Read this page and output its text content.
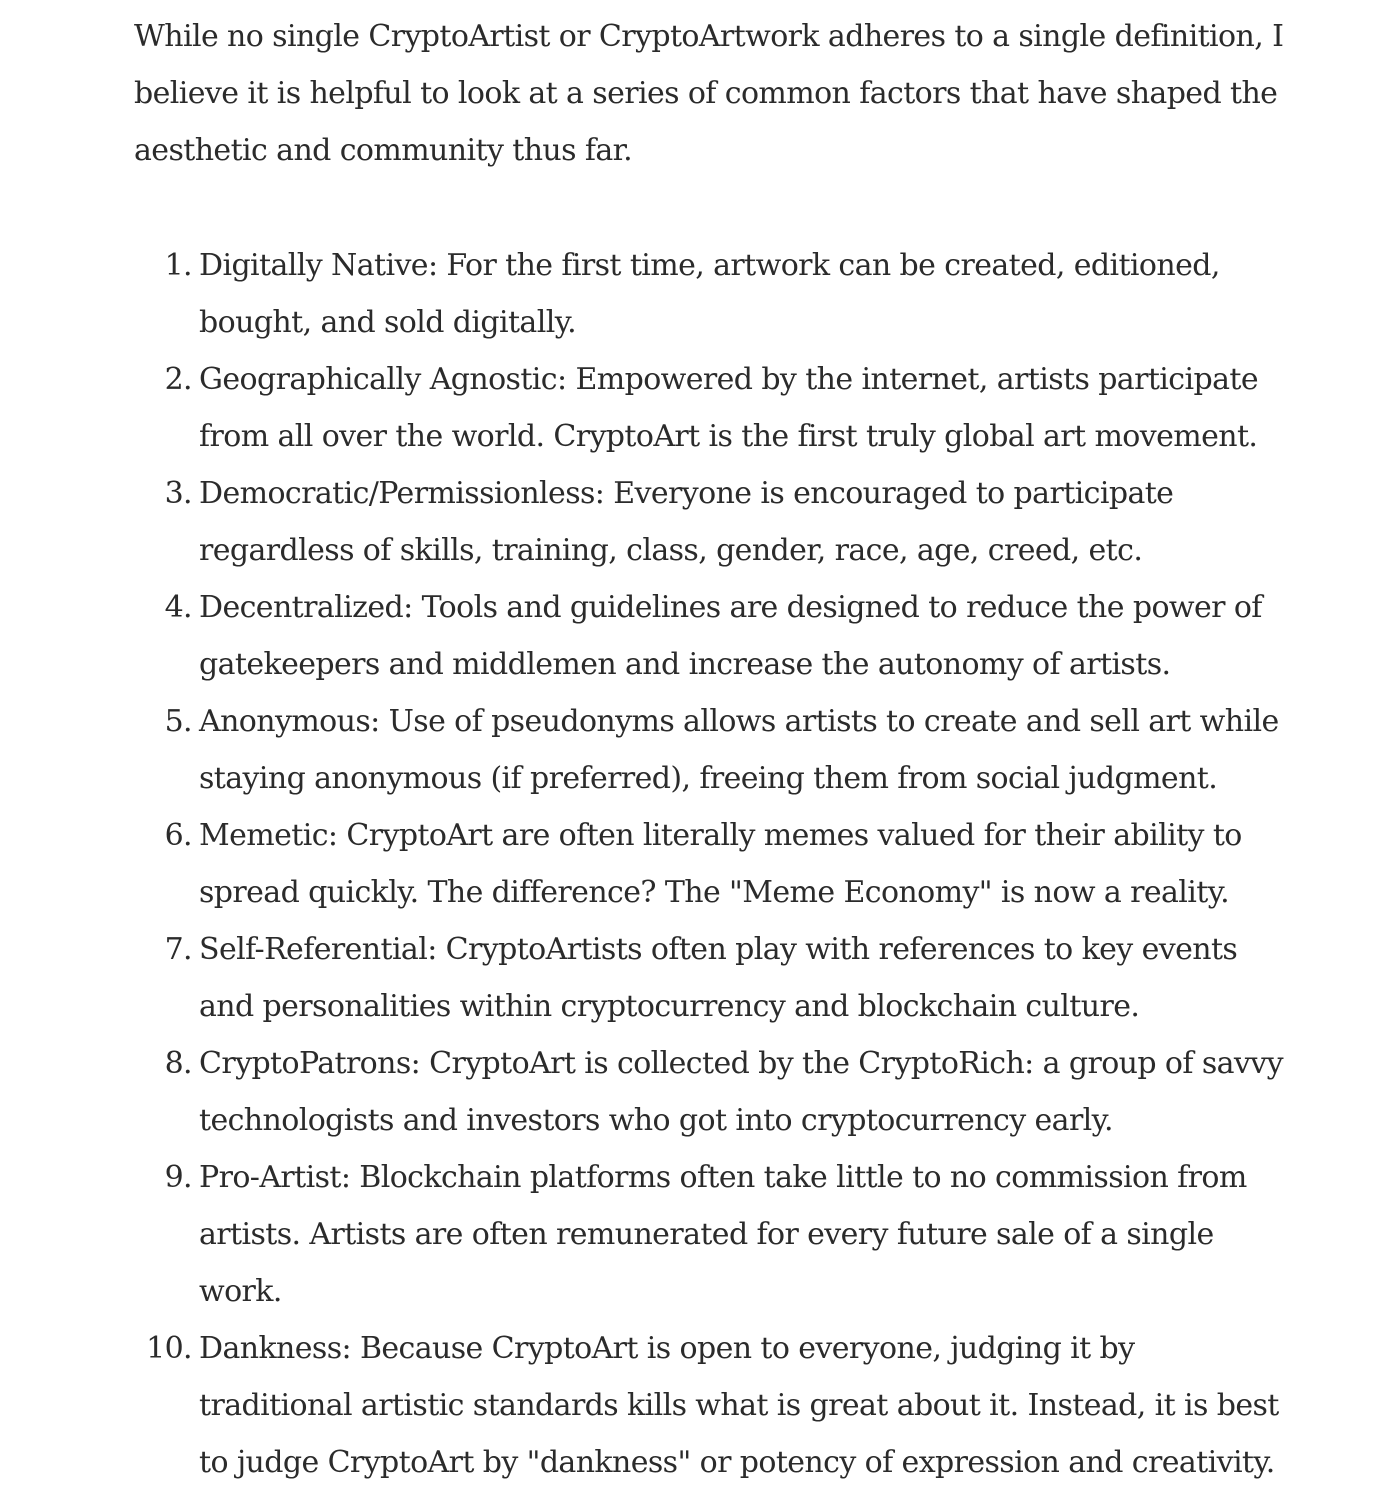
While no single CryptoArtist or CryptoArtwork adheres to a single definition, I believe it is helpful to look at a series of common factors that have shaped the aesthetic and community thus far.

1. Digitally Native: For the first time, artwork can be created, editioned, bought, and sold digitally.
2. Geographically Agnostic: Empowered by the internet, artists participate from all over the world. CryptoArt is the first truly global art movement.
3. Democratic/Permissionless: Everyone is encouraged to participate regardless of skills, training, class, gender, race, age, creed, etc.
4. Decentralized: Tools and guidelines are designed to reduce the power of gatekeepers and middlemen and increase the autonomy of artists.
5. Anonymous: Use of pseudonyms allows artists to create and sell art while staying anonymous (if preferred), freeing them from social judgment.
6. Memetic: CryptoArt are often literally memes valued for their ability to spread quickly. The difference? The "Meme Economy" is now a reality.
7. Self-Referential: CryptoArtists often play with references to key events and personalities within cryptocurrency and blockchain culture.
8. CryptoPatrons: CryptoArt is collected by the CryptoRich: a group of savvy technologists and investors who got into cryptocurrency early.
9. Pro-Artist: Blockchain platforms often take little to no commission from artists. Artists are often remunerated for every future sale of a single work.
10. Dankness: Because CryptoArt is open to everyone, judging it by traditional artistic standards kills what is great about it. Instead, it is best to judge CryptoArt by "dankness" or potency of expression and creativity.
